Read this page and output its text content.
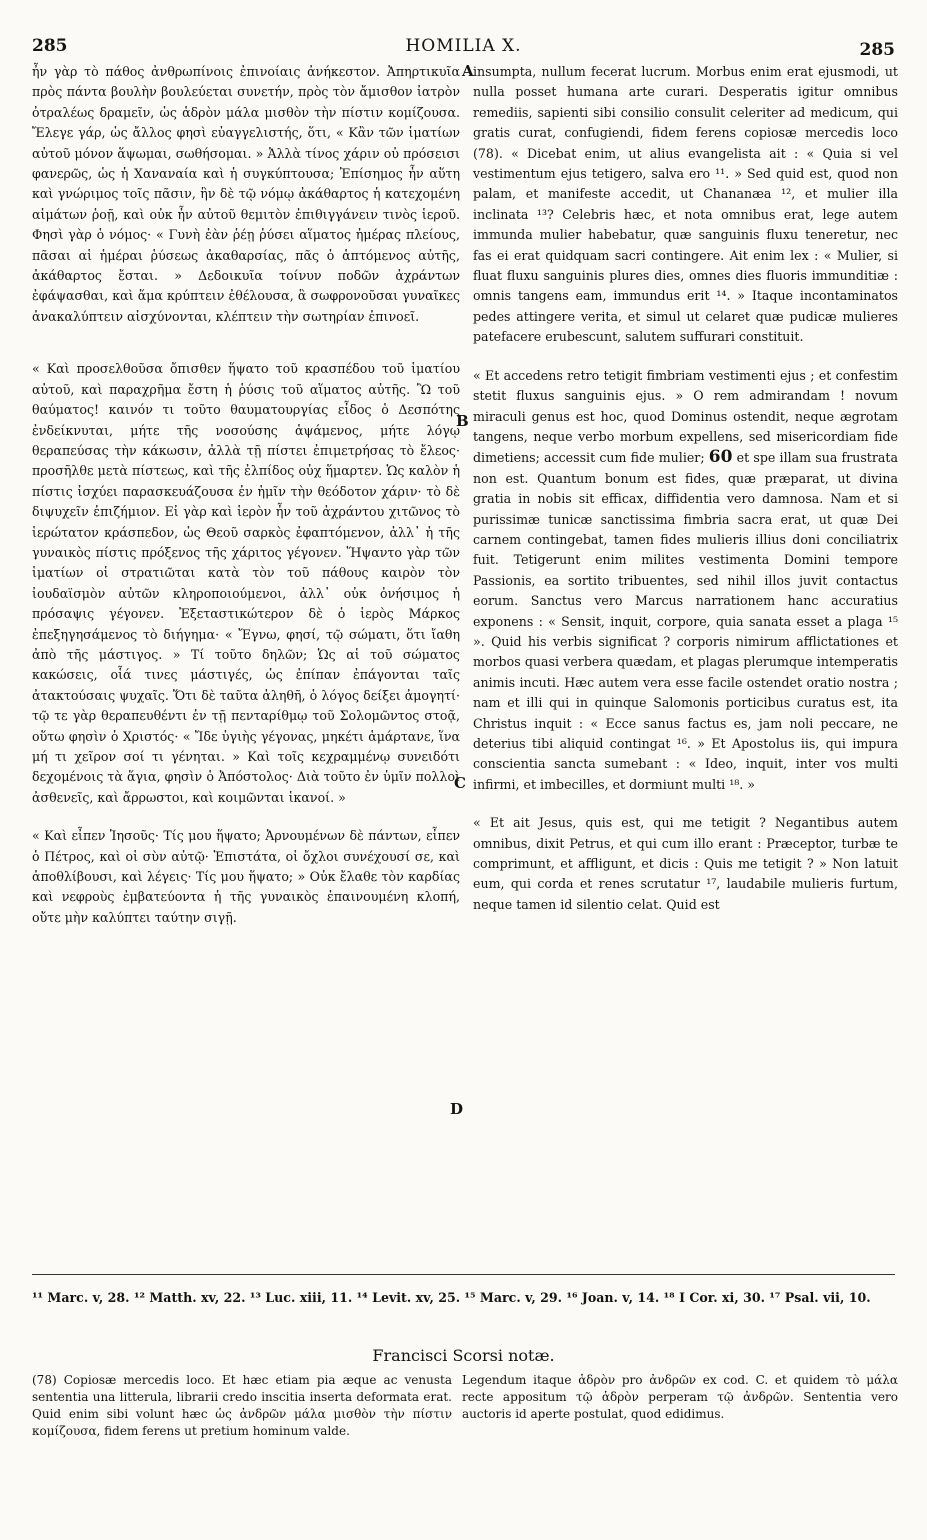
285	HOMILIA X.	285
A
B
C
D

ἦν γὰρ τὸ πάθος ἀνθρωπίνοις ἐπινοίαις ἀνήκεστον. Ἀπηρτικυῖα πρὸς πάντα βουλὴν βουλεύεται συνετήν, πρὸς τὸν ἄμισθον ἰατρὸν ὀτραλέως δραμεῖν, ὡς ἁδρὸν μάλα μισθὸν τὴν πίστιν κομίζουσα. Ἔλεγε γάρ, ὡς ἄλλος φησὶ εὐαγγελιστής, ὅτι, « Κἂν τῶν ἱματίων αὐτοῦ μόνον ἅψωμαι, σωθήσομαι. » Ἀλλὰ τίνος χάριν οὐ πρόσεισι φανερῶς, ὡς ἡ Χαναναία καὶ ἡ συγκύπτουσα; Ἐπίσημος ἦν αὕτη καὶ γνώριμος τοῖς πᾶσιν, ἣν δὲ τῷ νόμῳ ἀκάθαρτος ἡ κατεχομένη αἱμάτων ῥοῇ, καὶ οὐκ ἦν αὐτοῦ θεμιτὸν ἐπιθιγγάνειν τινὸς ἱεροῦ. Φησὶ γὰρ ὁ νόμος· « Γυνὴ ἐὰν ῥέῃ ῥύσει αἵματος ἡμέρας πλείους, πᾶσαι αἱ ἡμέραι ῥύσεως ἀκαθαρσίας, πᾶς ὁ ἁπτόμενος αὐτῆς, ἀκάθαρτος ἔσται. » Δεδοικυῖα τοίνυν ποδῶν ἀχράντων ἐφάψασθαι, καὶ ἅμα κρύπτειν ἐθέλουσα, ἃ σωφρονοῦσαι γυναῖκες ἀνακαλύπτειν αἰσχύνονται, κλέπτειν τὴν σωτηρίαν ἐπινοεῖ.

« Καὶ προσελθοῦσα ὄπισθεν ἥψατο τοῦ κρασπέδου τοῦ ἱματίου αὐτοῦ, καὶ παραχρῆμα ἔστη ἡ ῥύσις τοῦ αἵματος αὐτῆς. Ὢ τοῦ θαύματος! καινόν τι τοῦτο θαυματουργίας εἶδος ὁ Δεσπότης ἐνδείκνυται, μήτε τῆς νοσούσης ἁψάμενος, μήτε λόγῳ θεραπεύσας τὴν κάκωσιν, ἀλλὰ τῇ πίστει ἐπιμετρήσας τὸ ἔλεος· προσῆλθε μετὰ πίστεως, καὶ τῆς ἐλπίδος οὐχ ἥμαρτεν. Ὡς καλὸν ἡ πίστις ἰσχύει παρασκευάζουσα ἐν ἡμῖν τὴν θεόδοτον χάριν· τὸ δὲ διψυχεῖν ἐπιζήμιον. Εἰ γὰρ καὶ ἱερὸν ἦν τοῦ ἀχράντου χιτῶνος τὸ ἱερώτατον κράσπεδον, ὡς Θεοῦ σαρκὸς ἐφαπτόμενον, ἀλλ᾽ ἡ τῆς γυναικὸς πίστις πρόξενος τῆς χάριτος γέγονεν. Ἥψαντο γὰρ τῶν ἱματίων οἱ στρατιῶται κατὰ τὸν τοῦ πάθους καιρὸν τὸν ἰουδαϊσμὸν αὐτῶν κληροποιούμενοι, ἀλλ᾽ οὐκ ὀνήσιμος ἡ πρόσαψις γέγονεν. Ἐξεταστικώτερον δὲ ὁ ἱερὸς Μάρκος ἐπεξηγησάμενος τὸ διήγημα· « Ἔγνω, φησί, τῷ σώματι, ὅτι ἴαθη ἀπὸ τῆς μάστιγος. » Τί τοῦτο δηλῶν; Ὡς αἱ τοῦ σώματος κακώσεις, οἷά τινες μάστιγές, ὡς ἐπίπαν ἐπάγονται ταῖς ἀτακτούσαις ψυχαῖς. Ὅτι δὲ ταῦτα ἀληθῆ, ὁ λόγος δείξει ἀμογητί· τῷ τε γὰρ θεραπευθέντι ἐν τῇ πενταρίθμῳ τοῦ Σολομῶντος στοᾷ, οὕτω φησὶν ὁ Χριστός· « Ἴδε ὑγιὴς γέγονας, μηκέτι ἁμάρτανε, ἵνα μή τι χεῖρον σοί τι γένηται. » Καὶ τοῖς κεχραμμένῳ συνειδότι δεχομένοις τὰ ἅγια, φησὶν ὁ Ἀπόστολος· Διὰ τοῦτο ἐν ὑμῖν πολλοὶ ἀσθενεῖς, καὶ ἄρρωστοι, καὶ κοιμῶνται ἱκανοί. »

« Καὶ εἶπεν Ἰησοῦς· Τίς μου ἥψατο; Ἀρνουμένων δὲ πάντων, εἶπεν ὁ Πέτρος, καὶ οἱ σὺν αὐτῷ· Ἐπιστάτα, οἱ ὄχλοι συνέχουσί σε, καὶ ἀποθλίβουσι, καὶ λέγεις· Τίς μου ἥψατο; » Οὐκ ἔλαθε τὸν καρδίας καὶ νεφροὺς ἐμβατεύοντα ἡ τῆς γυναικὸς ἐπαινουμένη κλοπή, οὔτε μὴν καλύπτει ταύτην σιγῇ.

insumpta, nullum fecerat lucrum. Morbus enim erat ejusmodi, ut nulla posset humana arte curari. Desperatis igitur omnibus remediis, sapienti sibi consilio consulit celeriter ad medicum, qui gratis curat, confugiendi, fidem ferens copiosæ mercedis loco (78). « Dicebat enim, ut alius evangelista ait : « Quia si vel vestimentum ejus tetigero, salva ero ¹¹. » Sed quid est, quod non palam, et manifeste accedit, ut Chananæa ¹², et mulier illa inclinata ¹³? Celebris hæc, et nota omnibus erat, lege autem immunda mulier habebatur, quæ sanguinis fluxu teneretur, nec fas ei erat quidquam sacri contingere. Ait enim lex : « Mulier, si fluat fluxu sanguinis plures dies, omnes dies fluoris immunditiæ : omnis tangens eam, immundus erit ¹⁴. » Itaque incontaminatos pedes attingere verita, et simul ut celaret quæ pudicæ mulieres patefacere erubescunt, salutem suffurari constituit.

« Et accedens retro tetigit fimbriam vestimenti ejus ; et confestim stetit fluxus sanguinis ejus. » O rem admirandam ! novum miraculi genus est hoc, quod Dominus ostendit, neque ægrotam tangens, neque verbo morbum expellens, sed misericordiam fide dimetiens; accessit cum fide mulier; 60 et spe illam sua frustrata non est. Quantum bonum est fides, quæ præparat, ut divina gratia in nobis sit efficax, diffidentia vero damnosa. Nam et si purissimæ tunicæ sanctissima fimbria sacra erat, ut quæ Dei carnem contingebat, tamen fides mulieris illius doni conciliatrix fuit. Tetigerunt enim milites vestimenta Domini tempore Passionis, ea sortito tribuentes, sed nihil illos juvit contactus eorum. Sanctus vero Marcus narrationem hanc accuratius exponens : « Sensit, inquit, corpore, quia sanata esset a plaga ¹⁵ ». Quid his verbis significat ? corporis nimirum afflictationes et morbos quasi verbera quædam, et plagas plerumque intemperatis animis incuti. Hæc autem vera esse facile ostendet oratio nostra ; nam et illi qui in quinque Salomonis porticibus curatus est, ita Christus inquit : « Ecce sanus factus es, jam noli peccare, ne deterius tibi aliquid contingat ¹⁶. » Et Apostolus iis, qui impura conscientia sancta sumebant : « Ideo, inquit, inter vos multi infirmi, et imbecilles, et dormiunt multi ¹⁸. »

« Et ait Jesus, quis est, qui me tetigit ? Negantibus autem omnibus, dixit Petrus, et qui cum illo erant : Præceptor, turbæ te comprimunt, et affligunt, et dicis : Quis me tetigit ? » Non latuit eum, qui corda et renes scrutatur ¹⁷, laudabile mulieris furtum, neque tamen id silentio celat. Quid est

¹¹ Marc. v, 28. ¹² Matth. xv, 22. ¹³ Luc. xiii, 11. ¹⁴ Levit. xv, 25. ¹⁵ Marc. v, 29. ¹⁶ Joan. v, 14. ¹⁸ I Cor. xi, 30. ¹⁷ Psal. vii, 10.
Francisci Scorsi notæ.
(78) Copiosæ mercedis loco. Et hæc etiam pia æque ac venusta sententia una litterula, librarii credo inscitia inserta deformata erat. Quid enim sibi volunt hæc ὡς ἀνδρῶν μάλα μισθὸν τὴν πίστιν κομίζουσα, fidem ferens ut pretium hominum valde.
Legendum itaque ἁδρὸν pro ἀνδρῶν ex cod. C. et quidem τὸ μάλα recte appositum τῷ ἁδρὸν perperam τῷ ἀνδρῶν. Sententia vero auctoris id aperte postulat, quod edidimus.
